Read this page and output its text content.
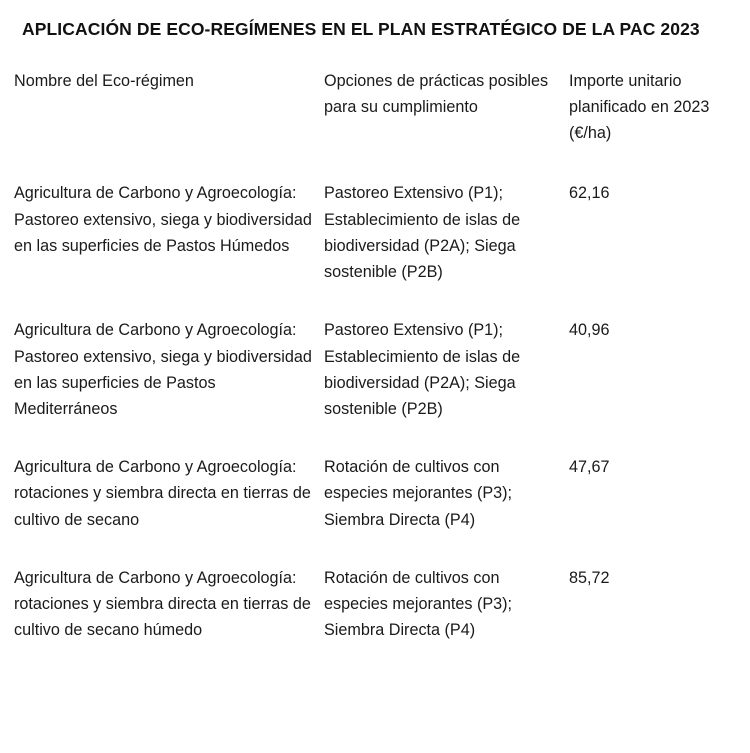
APLICACIÓN DE ECO-REGÍMENES EN EL PLAN ESTRATÉGICO DE LA PAC 2023
Nombre del Eco-régimen	Opciones de prácticas posibles para su cumplimiento	Importe unitario planificado en 2023 (€/ha)
Agricultura de Carbono y Agroecología: Pastoreo extensivo, siega y biodiversidad en las superficies de Pastos Húmedos	Pastoreo Extensivo (P1); Establecimiento de islas de biodiversidad (P2A); Siega sostenible (P2B)	62,16
Agricultura de Carbono y Agroecología: Pastoreo extensivo, siega y biodiversidad en las superficies de Pastos Mediterráneos	Pastoreo Extensivo (P1); Establecimiento de islas de biodiversidad (P2A); Siega sostenible (P2B)	40,96
Agricultura de Carbono y Agroecología: rotaciones y siembra directa en tierras de cultivo de secano	Rotación de cultivos con especies mejorantes (P3); Siembra Directa (P4)	47,67
Agricultura de Carbono y Agroecología: rotaciones y siembra directa en tierras de cultivo de secano húmedo	Rotación de cultivos con especies mejorantes (P3); Siembra Directa (P4)	85,72
